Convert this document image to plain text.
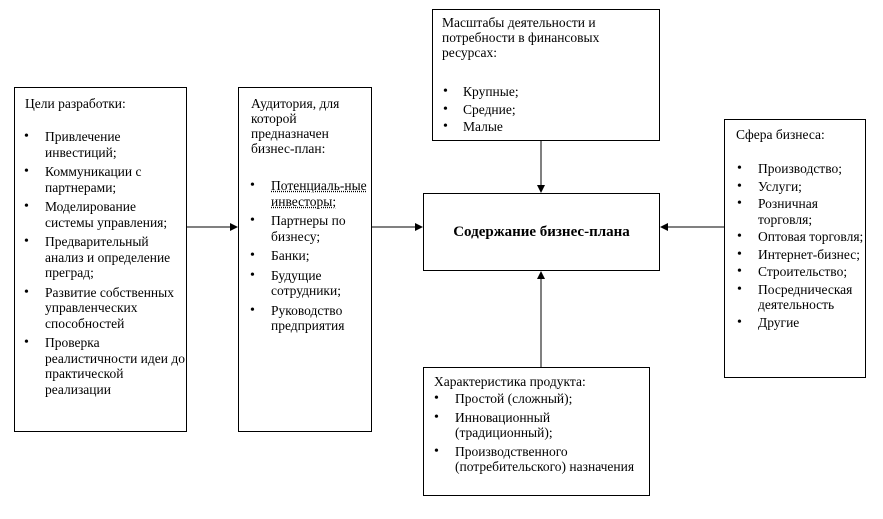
Цели разработки:
• Привлечение инвестиций;
• Коммуникации с партнерами;
• Моделирование системы управления;
• Предварительный анализ и определение преград;
• Развитие собственных управленческих способностей
• Проверка реалистичности идеи до практической реализации
Аудитория, для которой предназначен бизнес-план:
• Потенциаль-ные инвесторы;
• Партнеры по бизнесу;
• Банки;
• Будущие сотрудники;
• Руководство предприятия
Масштабы деятельности и потребности в финансовых ресурсах:
• Крупные;
• Средние;
• Малые
Содержание бизнес-плана
Сфера бизнеса:
• Производство;
• Услуги;
• Розничная торговля;
• Оптовая торговля;
• Интернет-бизнес;
• Строительство;
• Посредническая деятельность
• Другие
Характеристика продукта:
• Простой (сложный);
• Инновационный (традиционный);
• Производственного (потребительского) назначения
